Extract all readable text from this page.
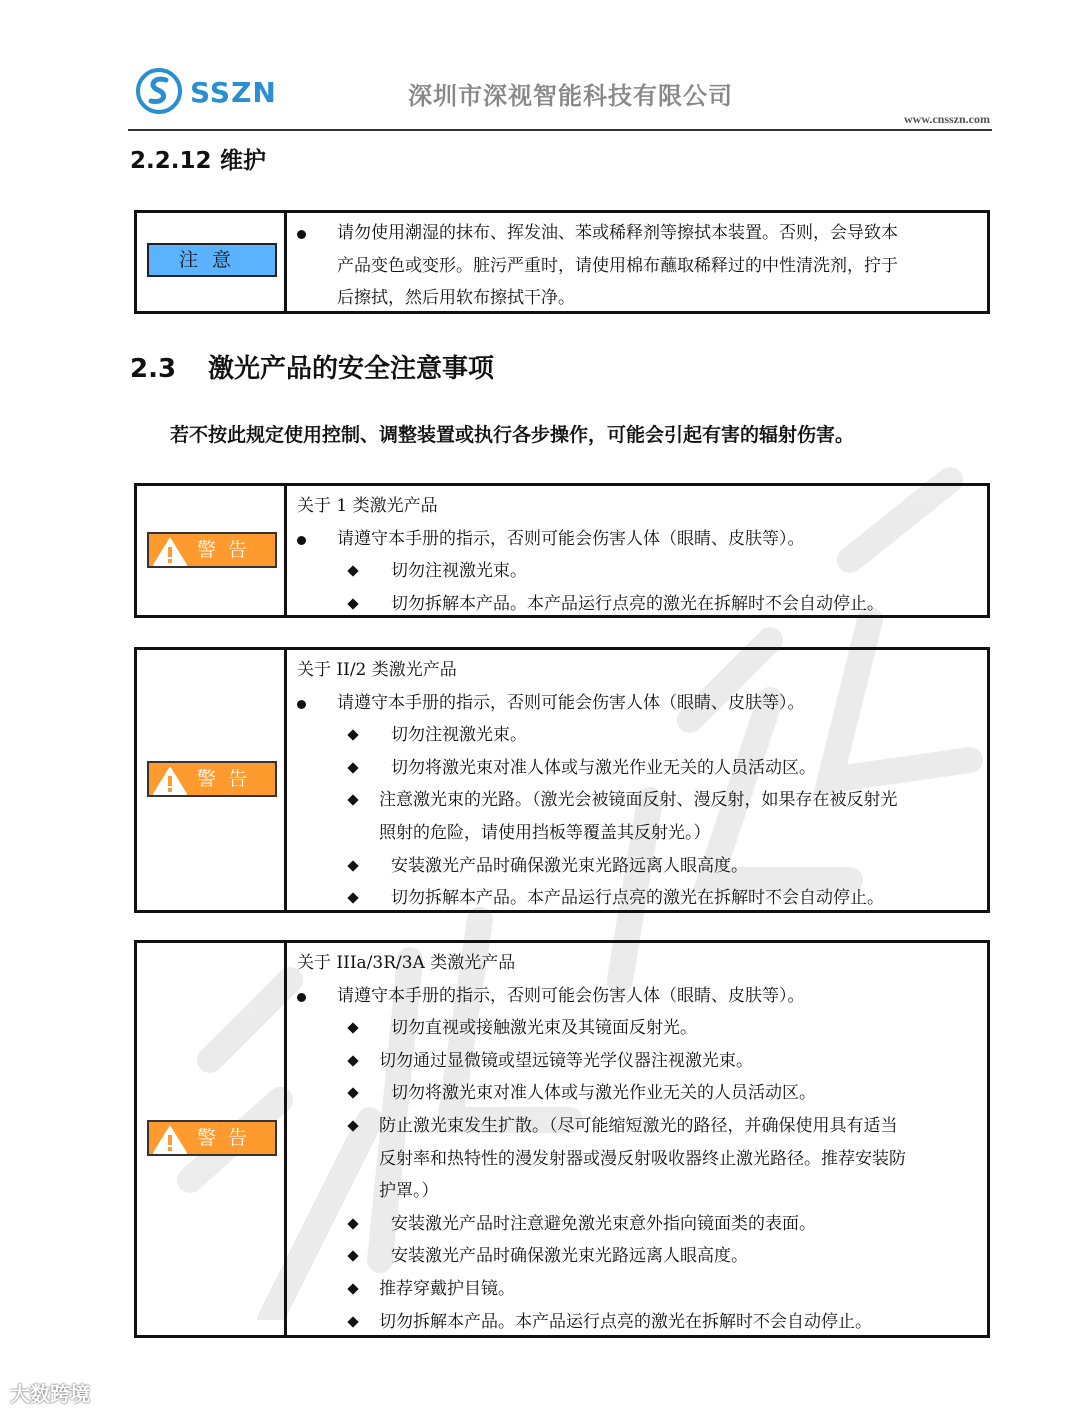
SSZN	深圳市深视智能科技有限公司
www.cnsszn.com
2.2.12 维护
注意
请勿使用潮湿的抹布、挥发油、苯或稀释剂等擦拭本装置。否则，会导致本
产品变色或变形。脏污严重时，请使用棉布蘸取稀释过的中性清洗剂，拧于
后擦拭，然后用软布擦拭干净。
2.3 激光产品的安全注意事项
若不按此规定使用控制、调整装置或执行各步操作，可能会引起有害的辐射伤害。
警告
关于 1 类激光产品
请遵守本手册的指示，否则可能会伤害人体（眼睛、皮肤等）。
切勿注视激光束。
切勿拆解本产品。本产品运行点亮的激光在拆解时不会自动停止。
警告
关于 II/2 类激光产品
请遵守本手册的指示，否则可能会伤害人体（眼睛、皮肤等）。
切勿注视激光束。
切勿将激光束对准人体或与激光作业无关的人员活动区。
注意激光束的光路。（激光会被镜面反射、漫反射，如果存在被反射光
照射的危险，请使用挡板等覆盖其反射光。）
安装激光产品时确保激光束光路远离人眼高度。
切勿拆解本产品。本产品运行点亮的激光在拆解时不会自动停止。
警告
关于 IIIa/3R/3A 类激光产品
请遵守本手册的指示，否则可能会伤害人体（眼睛、皮肤等）。
切勿直视或接触激光束及其镜面反射光。
切勿通过显微镜或望远镜等光学仪器注视激光束。
切勿将激光束对准人体或与激光作业无关的人员活动区。
防止激光束发生扩散。（尽可能缩短激光的路径，并确保使用具有适当
反射率和热特性的漫发射器或漫反射吸收器终止激光路径。推荐安装防
护罩。）
安装激光产品时注意避免激光束意外指向镜面类的表面。
安装激光产品时确保激光束光路远离人眼高度。
推荐穿戴护目镜。
切勿拆解本产品。本产品运行点亮的激光在拆解时不会自动停止。
大数跨境
